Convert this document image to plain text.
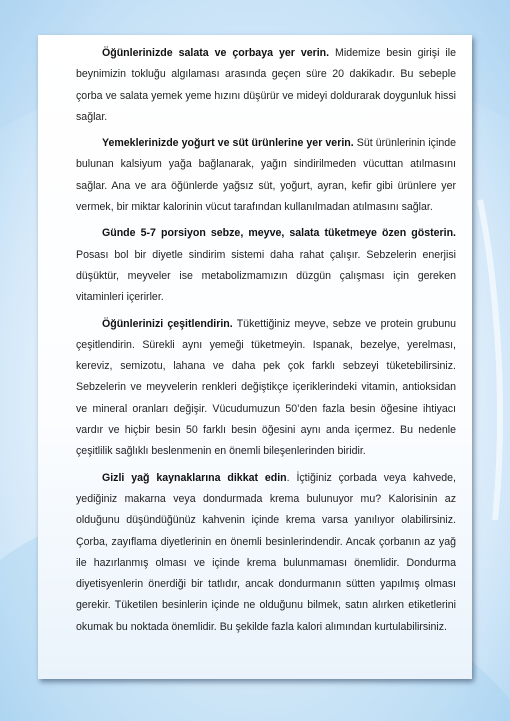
Öğünlerinizde salata ve çorbaya yer verin. Midemize besin girişi ile beynimizin tokluğu algılaması arasında geçen süre 20 dakikadır. Bu sebeple çorba ve salata yemek yeme hızını düşürür ve mideyi doldurarak doygunluk hissi sağlar.

Yemeklerinizde yoğurt ve süt ürünlerine yer verin. Süt ürünlerinin içinde bulunan kalsiyum yağa bağlanarak, yağın sindirilmeden vücuttan atılmasını sağlar. Ana ve ara öğünlerde yağsız süt, yoğurt, ayran, kefir gibi ürünlere yer vermek, bir miktar kalorinin vücut tarafından kullanılmadan atılmasını sağlar.

Günde 5-7 porsiyon sebze, meyve, salata tüketmeye özen gösterin. Posası bol bir diyetle sindirim sistemi daha rahat çalışır. Sebzelerin enerjisi düşüktür, meyveler ise metabolizmamızın düzgün çalışması için gereken vitaminleri içerirler.

Öğünlerinizi çeşitlendirin. Tükettiğiniz meyve, sebze ve protein grubunu çeşitlendirin. Sürekli aynı yemeği tüketmeyin. Ispanak, bezelye, yerelması, kereviz, semizotu, lahana ve daha pek çok farklı sebzeyi tüketebilirsiniz. Sebzelerin ve meyvelerin renkleri değiştikçe içeriklerindeki vitamin, antioksidan ve mineral oranları değişir. Vücudumuzun 50’den fazla besin öğesine ihtiyacı vardır ve hiçbir besin 50 farklı besin öğesini aynı anda içermez. Bu nedenle çeşitlilik sağlıklı beslenmenin en önemli bileşenlerinden biridir.

Gizli yağ kaynaklarına dikkat edin. İçtiğiniz çorbada veya kahvede, yediğiniz makarna veya dondurmada krema bulunuyor mu? Kalorisinin az olduğunu düşündüğünüz kahvenin içinde krema varsa yanılıyor olabilirsiniz. Çorba, zayıflama diyetlerinin en önemli besinlerindendir. Ancak çorbanın az yağ ile hazırlanmış olması ve içinde krema bulunmaması önemlidir. Dondurma diyetisyenlerin önerdiği bir tatlıdır, ancak dondurmanın sütten yapılmış olması gerekir. Tüketilen besinlerin içinde ne olduğunu bilmek, satın alırken etiketlerini okumak bu noktada önemlidir. Bu şekilde fazla kalori alımından kurtulabilirsiniz.
